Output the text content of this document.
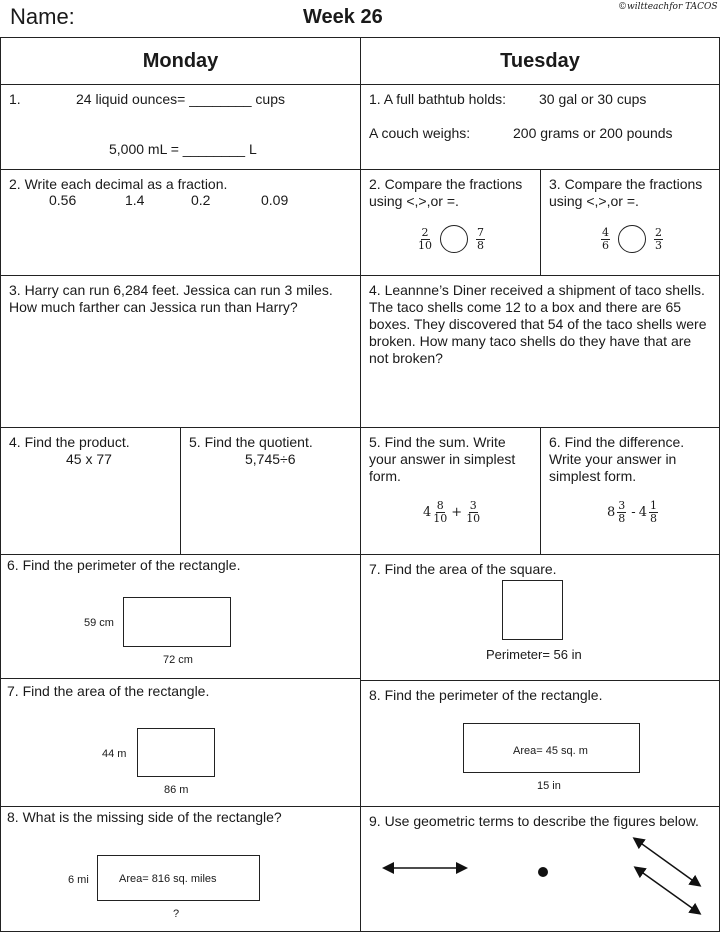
Name:	Week 26	©wiltteachfor TACOS
Monday	Tuesday
1.	24 liquid ounces= ________ cups
5,000 mL = ________ L
1. A full bathtub holds: 30 gal or 30 cups
A couch weighs:	200 grams or 200 pounds
2. Write each decimal as a fraction.
0.56	1.4	0.2	0.09
2. Compare the fractions using <,>,or =.
$\frac{2}{10}$	$\frac{7}{8}$
3. Compare the fractions using <,>,or =.
$\frac{4}{6}$	$\frac{2}{3}$
3. Harry can run 6,284 feet. Jessica can run 3 miles. How much farther can Jessica run than Harry?
4. Leannne’s Diner received a shipment of taco shells. The taco shells come 12 to a box and there are 65 boxes. They discovered that 54 of the taco shells were broken. How many taco shells do they have that are not broken?
4. Find the product.
45 x 77
5. Find the quotient.
5,745÷6
5. Find the sum. Write your answer in simplest form.
$4 \frac{8}{10} + \frac{3}{10}$
6. Find the difference. Write your answer in simplest form.
$8 \frac{3}{8} - 4 \frac{1}{8}$
6. Find the perimeter of the rectangle.
59 cm
72 cm
7. Find the area of the square.
Perimeter= 56 in
7. Find the area of the rectangle.
44 m
86 m
8. Find the perimeter of the rectangle.
Area= 45 sq. m
15 in
8. What is the missing side of the rectangle?
6 mi	Area= 816 sq. miles
?
9. Use geometric terms to describe the figures below.
